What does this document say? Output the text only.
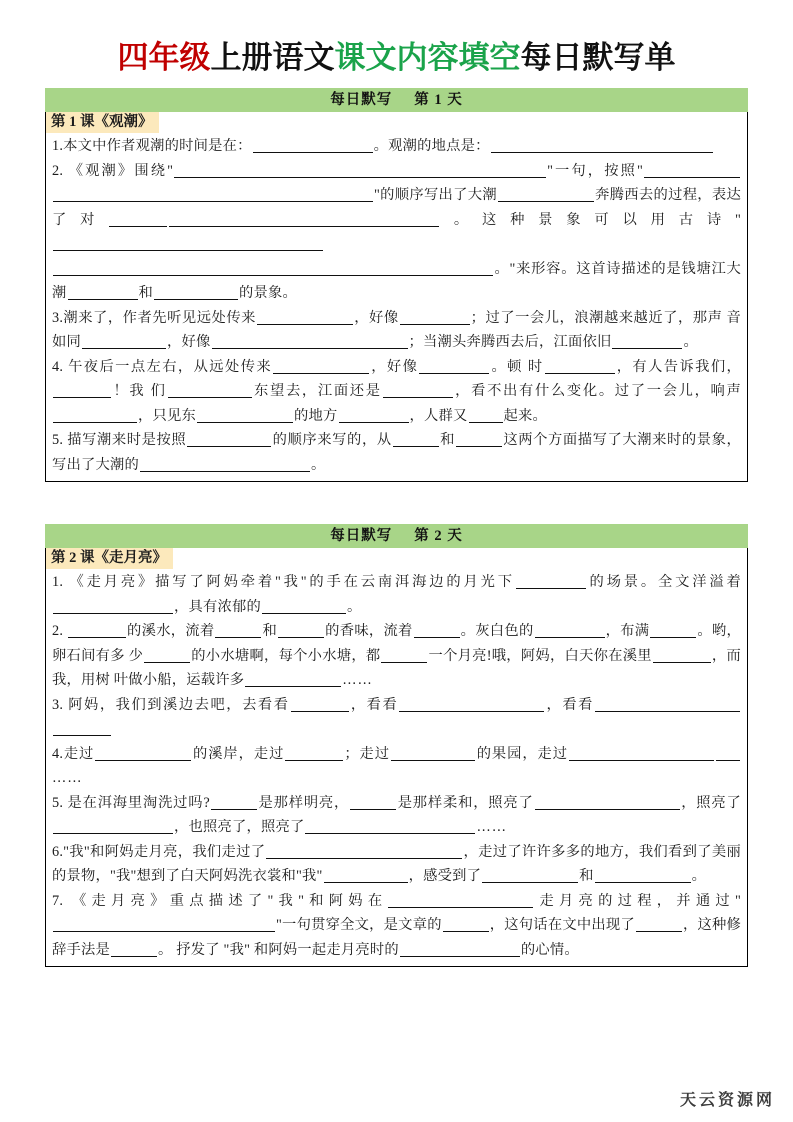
四年级上册语文课文内容填空每日默写单
每日默写 第 1 天
第 1 课《观潮》
1.本文中作者观潮的时间是在：	。观潮的地点是：
2. 《观潮》围绕"	"一句，按照""的顺序写出了大潮	奔腾西去的过程，表达了对	。这种景象可以用古诗"。"来形容。这首诗描述的是钱塘江大潮	和	的景象。
3.潮来了，作者先听见远处传来	，好像	；过了一会儿，浪潮越来越近了，那声 音如同	，好像	；当潮头奔腾西去后，江面依旧	。
4. 午夜后一点左右，从远处传来	，好像	。顿 时	，有人告诉我们，！我 们	东望去，江面还是	，看不出有什么变化。过了一会儿，响声，只见东	的地方	，人群又	起来。
5. 描写潮来时是按照	的顺序来写的，从	和	这两个方面描写了大潮来时的景象，写出了大潮的	。
每日默写 第 2 天
第 2 课《走月亮》
1. 《走月亮》描写了阿妈牵着"我"的手在云南洱海边的月光下	的场景。全文洋溢着，具有浓郁的	。
2.	的溪水，流着	和	的香味，流着	。灰白色的	，布满	。哟，卵石间有多 少	的小水塘啊，每个小水塘，都	一个月亮!哦，阿妈，白天你在溪里	，而我，用树 叶做小船，运载许多	……
3. 阿妈，我们到溪边去吧，去看看	，看看	，看看
4.走过	的溪岸，走过	；走过	的果园，走过……
5. 是在洱海里淘洗过吗?	是那样明亮，	是那样柔和，照亮了	，照亮了，也照亮了，照亮了	……
6."我"和阿妈走月亮，我们走过了	，走过了许许多多的地方，我们看到了美丽 的景物，"我"想到了白天阿妈洗衣裳和"我"	，感受到了	和	。
7. 《走月亮》重点描述了"我"和阿妈在	走月亮的过程，并通过""一句贯穿全文，是文章的	，这句话在文中出现了	，这种修辞手法是	。 抒发了 "我" 和阿妈一起走月亮时的	的心情。
天云资源网
